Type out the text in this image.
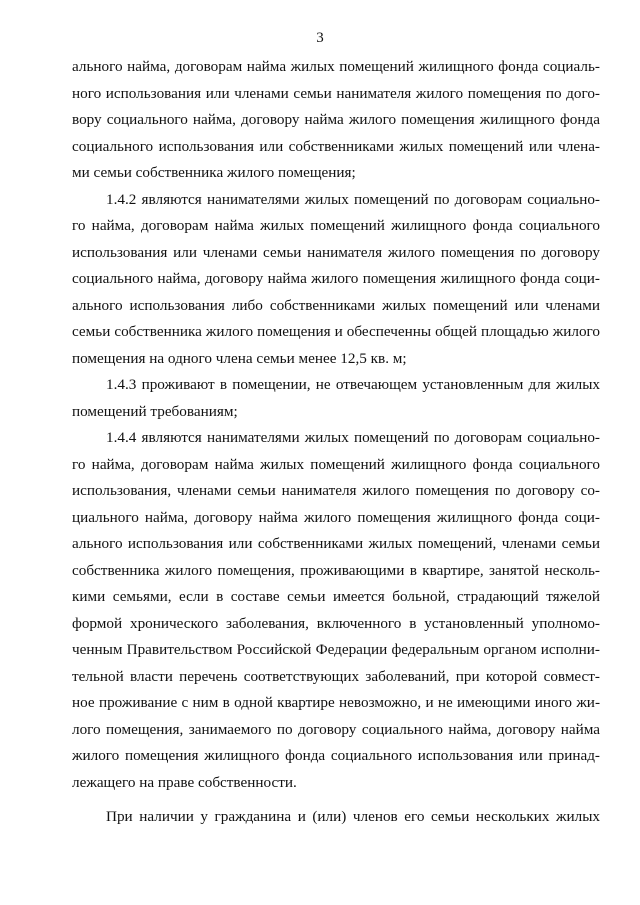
3
ального найма, договорам найма жилых помещений жилищного фонда социаль-
ного использования или членами семьи нанимателя жилого помещения по дого-
вору социального найма, договору найма жилого помещения жилищного фонда
социального использования или собственниками жилых помещений или члена-
ми семьи собственника жилого помещения;
1.4.2 являются нанимателями жилых помещений по договорам социально-
го найма, договорам найма жилых помещений жилищного фонда социального
использования или членами семьи нанимателя жилого помещения по договору
социального найма, договору найма жилого помещения жилищного фонда соци-
ального использования либо собственниками жилых помещений или членами
семьи собственника жилого помещения и обеспеченны общей площадью жилого
помещения на одного члена семьи менее 12,5 кв. м;
1.4.3 проживают в помещении, не отвечающем установленным для жилых
помещений требованиям;
1.4.4 являются нанимателями жилых помещений по договорам социально-
го найма, договорам найма жилых помещений жилищного фонда социального
использования, членами семьи нанимателя жилого помещения по договору со-
циального найма, договору найма жилого помещения жилищного фонда соци-
ального использования или собственниками жилых помещений, членами семьи
собственника жилого помещения, проживающими в квартире, занятой несколь-
кими семьями, если в составе семьи имеется больной, страдающий тяжелой
формой хронического заболевания, включенного в установленный уполномо-
ченным Правительством Российской Федерации федеральным органом исполни-
тельной власти перечень соответствующих заболеваний, при которой совмест-
ное проживание с ним в одной квартире невозможно, и не имеющими иного жи-
лого помещения, занимаемого по договору социального найма, договору найма
жилого помещения жилищного фонда социального использования или принад-
лежащего на праве собственности.
При наличии у гражданина и (или) членов его семьи нескольких жилых
